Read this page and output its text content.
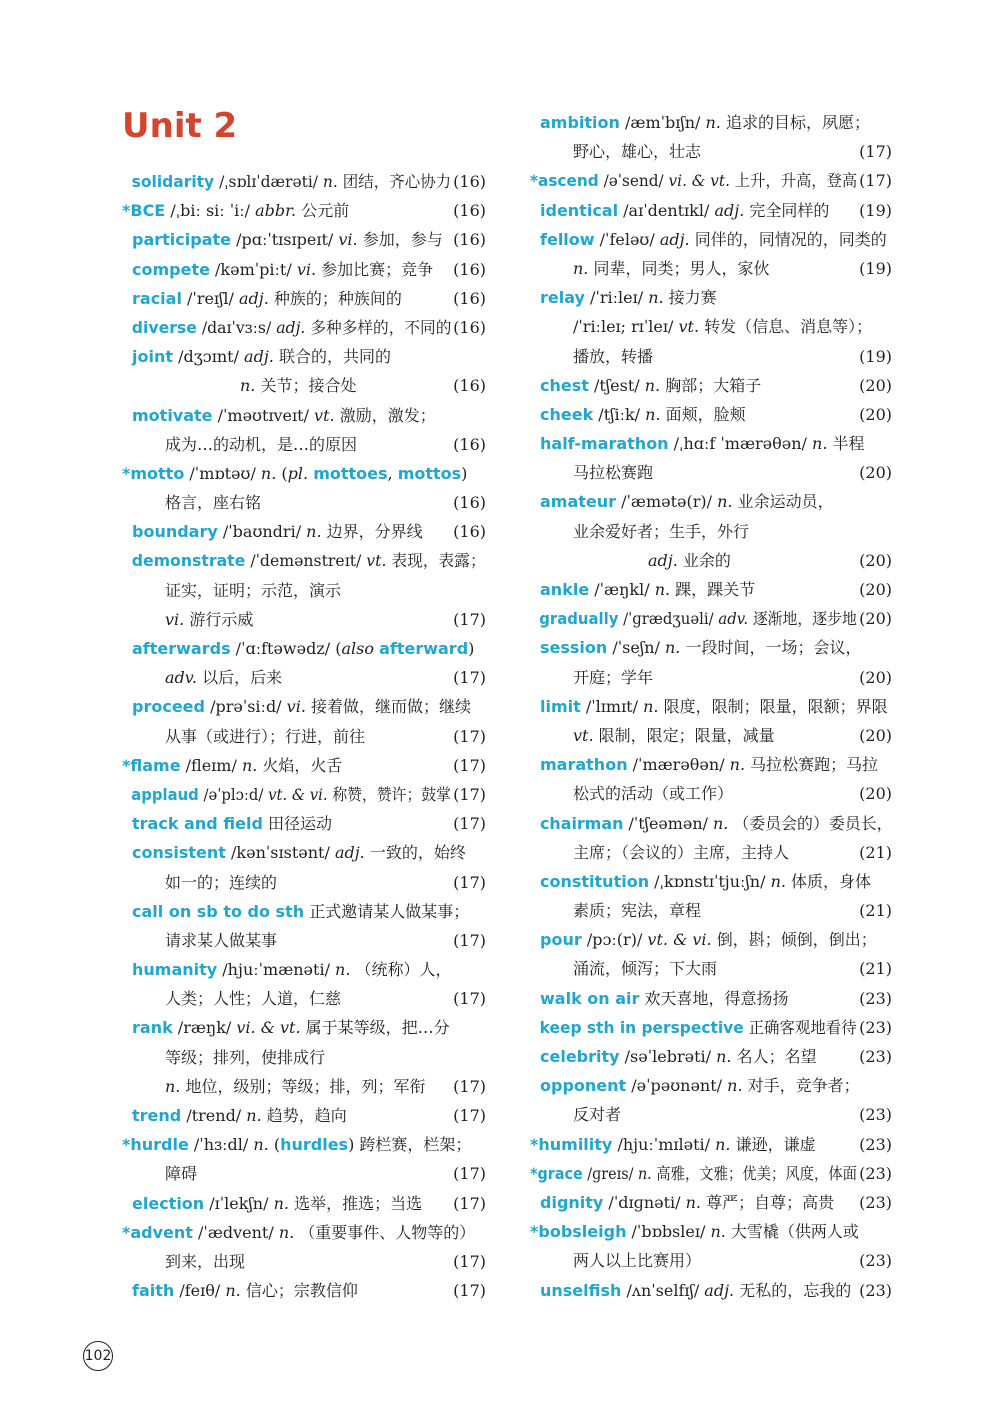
Unit 2
solidarity /ˌsɒlɪˈdærəti/ n. 团结，齐心协力 (16)
*BCE /ˌbiː siː ˈiː/ abbr. 公元前	(16)
participate /pɑːˈtɪsɪpeɪt/ vi. 参加，参与 (16)
compete /kəmˈpiːt/ vi. 参加比赛；竞争 (16)
racial /ˈreɪʃl/ adj. 种族的；种族间的	(16)
diverse /daɪˈvɜːs/ adj. 多种多样的，不同的 (16)
joint /dʒɔɪnt/ adj. 联合的，共同的
n. 关节；接合处	(16)
motivate /ˈməʊtɪveɪt/ vt. 激励，激发；
成为…的动机，是…的原因	(16)
*motto /ˈmɒtəʊ/ n. (pl. mottoes, mottos)
格言，座右铭	(16)
boundary /ˈbaʊndri/ n. 边界，分界线 (16)
demonstrate /ˈdemənstreɪt/ vt. 表现，表露；
证实，证明；示范，演示
vi. 游行示威	(17)
afterwards /ˈɑːftəwədz/ (also afterward)
adv. 以后，后来	(17)
proceed /prəˈsiːd/ vi. 接着做，继而做；继续
从事（或进行）；行进，前往	(17)
*flame /fleɪm/ n. 火焰，火舌	(17)
applaud /əˈplɔːd/ vt. & vi. 称赞，赞许；鼓掌 (17)
track and field 田径运动	(17)
consistent /kənˈsɪstənt/ adj. 一致的，始终
如一的；连续的	(17)
call on sb to do sth 正式邀请某人做某事；
请求某人做某事	(17)
humanity /hjuːˈmænəti/ n. （统称）人，
人类；人性；人道，仁慈	(17)
rank /ræŋk/ vi. & vt. 属于某等级，把…分
等级；排列，使排成行
n. 地位，级别；等级；排，列；军衔 (17)
trend /trend/ n. 趋势，趋向	(17)
*hurdle /ˈhɜːdl/ n. (hurdles) 跨栏赛，栏架；
障碍	(17)
election /ɪˈlekʃn/ n. 选举，推选；当选 (17)
*advent /ˈædvent/ n. （重要事件、人物等的）
到来，出现	(17)
faith /feɪθ/ n. 信心；宗教信仰	(17)
ambition /æmˈbɪʃn/ n. 追求的目标，夙愿；
野心，雄心，壮志	(17)
*ascend /əˈsend/ vi. & vt. 上升，升高，登高 (17)
identical /aɪˈdentɪkl/ adj. 完全同样的 (19)
fellow /ˈfeləʊ/ adj. 同伴的，同情况的，同类的
n. 同辈，同类；男人，家伙	(19)
relay /ˈriːleɪ/ n. 接力赛
/ˈriːleɪ; rɪˈleɪ/ vt. 转发（信息、消息等）；
播放，转播	(19)
chest /tʃest/ n. 胸部；大箱子	(20)
cheek /tʃiːk/ n. 面颊，脸颊	(20)
half-marathon /ˌhɑːf ˈmærəθən/ n. 半程
马拉松赛跑	(20)
amateur /ˈæmətə(r)/ n. 业余运动员，
业余爱好者；生手，外行
adj. 业余的	(20)
ankle /ˈæŋkl/ n. 踝，踝关节	(20)
gradually /ˈɡrædʒuəli/ adv. 逐渐地，逐步地 (20)
session /ˈseʃn/ n. 一段时间，一场；会议，
开庭；学年	(20)
limit /ˈlɪmɪt/ n. 限度，限制；限量，限额；界限
vt. 限制，限定；限量，减量	(20)
marathon /ˈmærəθən/ n. 马拉松赛跑；马拉
松式的活动（或工作）	(20)
chairman /ˈtʃeəmən/ n. （委员会的）委员长，
主席；（会议的）主席，主持人	(21)
constitution /ˌkɒnstɪˈtjuːʃn/ n. 体质，身体
素质；宪法，章程	(21)
pour /pɔː(r)/ vt. & vi. 倒，斟；倾倒，倒出；
涌流，倾泻；下大雨	(21)
walk on air 欢天喜地，得意扬扬	(23)
keep sth in perspective 正确客观地看待 (23)
celebrity /səˈlebrəti/ n. 名人；名望	(23)
opponent /əˈpəʊnənt/ n. 对手，竞争者；
反对者	(23)
*humility /hjuːˈmɪləti/ n. 谦逊，谦虚	(23)
*grace /ɡreɪs/ n. 高雅，文雅；优美；风度，体面 (23)
dignity /ˈdɪɡnəti/ n. 尊严；自尊；高贵 (23)
*bobsleigh /ˈbɒbsleɪ/ n. 大雪橇（供两人或
两人以上比赛用）	(23)
unselfish /ʌnˈselfɪʃ/ adj. 无私的，忘我的 (23)
102
